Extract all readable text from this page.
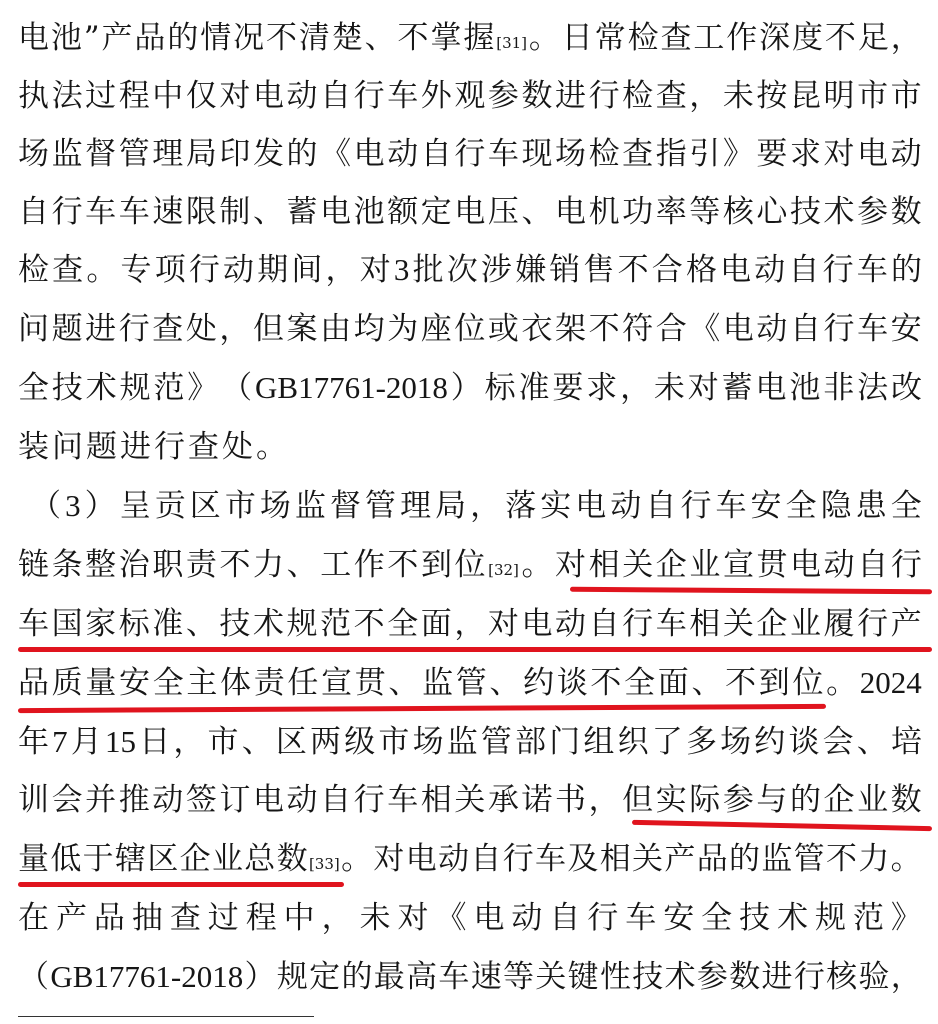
电 池 ” 产 品 的 情 况 不 清 楚 、 不 掌 握 [31] 。 日 常 检 查 工 作 深 度 不 足 ，
执 法 过 程 中 仅 对 电 动 自 行 车 外 观 参 数 进 行 检 查 ， 未 按 昆 明 市 市
场 监 督 管 理 局 印 发 的 《 电 动 自 行 车 现 场 检 查 指 引 》 要 求 对 电 动
自 行 车 车 速 限 制 、 蓄 电 池 额 定 电 压 、 电 机 功 率 等 核 心 技 术 参 数
检 查 。 专 项 行 动 期 间 ， 对 3 批 次 涉 嫌 销 售 不 合 格 电 动 自 行 车 的
问 题 进 行 查 处 ， 但 案 由 均 为 座 位 或 衣 架 不 符 合 《 电 动 自 行 车 安
全 技 术 规 范 》 （ GB17761-2018 ） 标 准 要 求 ， 未 对 蓄 电 池 非 法 改
装问题进行查处。
（ 3 ） 呈 贡 区 市 场 监 督 管 理 局 ， 落 实 电 动 自 行 车 安 全 隐 患 全
链 条 整 治 职 责 不 力 、 工 作 不 到 位 [32] 。 对 相 关 企 业 宣 贯 电 动 自 行
车 国 家 标 准 、 技 术 规 范 不 全 面 ， 对 电 动 自 行 车 相 关 企 业 履 行 产
品 质 量 安 全 主 体 责 任 宣 贯 、 监 管 、 约 谈 不 全 面 、 不 到 位 。 2024
年 7 月 15 日 ， 市 、 区 两 级 市 场 监 管 部 门 组 织 了 多 场 约 谈 会 、 培
训 会 并 推 动 签 订 电 动 自 行 车 相 关 承 诺 书 ， 但 实 际 参 与 的 企 业 数
量 低 于 辖 区 企 业 总 数 [33] 。 对 电 动 自 行 车 及 相 关 产 品 的 监 管 不 力 。
在 产 品 抽 查 过 程 中 ， 未 对 《 电 动 自 行 车 安 全 技 术 规 范 》
（ GB17761-2018 ） 规 定 的 最 高 车 速 等 关 键 性 技 术 参 数 进 行 核 验 ，
